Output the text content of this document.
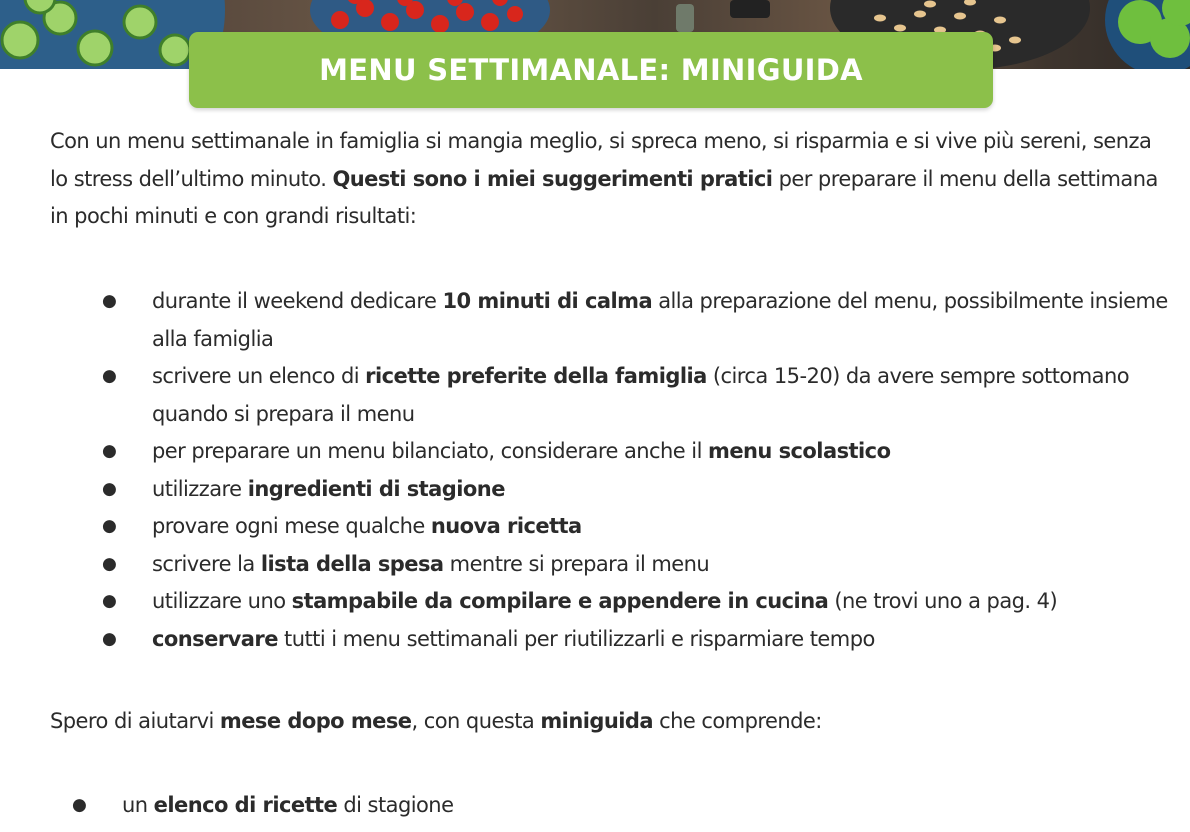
MENU SETTIMANALE: MINIGUIDA

Con un menu settimanale in famiglia si mangia meglio, si spreca meno, si risparmia e si vive più sereni, senza lo stress dell’ultimo minuto. Questi sono i miei suggerimenti pratici per preparare il menu della settimana in pochi minuti e con grandi risultati:

● durante il weekend dedicare 10 minuti di calma alla preparazione del menu, possibilmente insieme alla famiglia
● scrivere un elenco di ricette preferite della famiglia (circa 15-20) da avere sempre sottomano quando si prepara il menu
● per preparare un menu bilanciato, considerare anche il menu scolastico
● utilizzare ingredienti di stagione
● provare ogni mese qualche nuova ricetta
● scrivere la lista della spesa mentre si prepara il menu
● utilizzare uno stampabile da compilare e appendere in cucina (ne trovi uno a pag. 4)
● conservare tutti i menu settimanali per riutilizzarli e risparmiare tempo

Spero di aiutarvi mese dopo mese, con questa miniguida che comprende:

● un elenco di ricette di stagione
